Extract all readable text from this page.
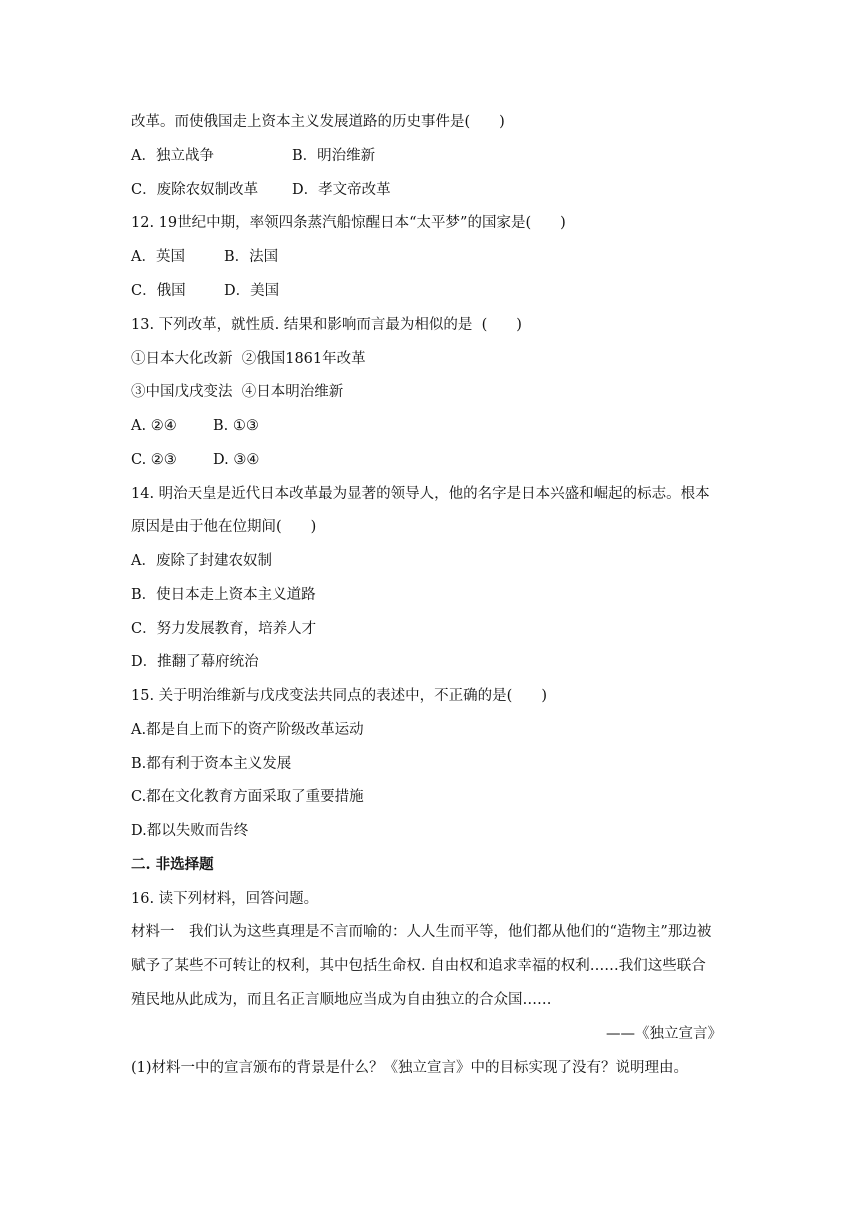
改革。而使俄国走上资本主义发展道路的历史事件是(　　)
A．独立战争	B．明治维新
C．废除农奴制改革 D．孝文帝改革
12. 19世纪中期，率领四条蒸汽船惊醒日本“太平梦”的国家是(　　)
A．英国	B．法国
C．俄国	D．美国
13. 下列改革，就性质. 结果和影响而言最为相似的是  (　　)
①日本大化改新  ②俄国1861年改革
③中国戊戌变法  ④日本明治维新
A. ②④	B. ①③
C. ②③ D. ③④
14. 明治天皇是近代日本改革最为显著的领导人，他的名字是日本兴盛和崛起的标志。根本
原因是由于他在位期间(　　)
A．废除了封建农奴制
B．使日本走上资本主义道路
C．努力发展教育，培养人才
D．推翻了幕府统治
15. 关于明治维新与戊戌变法共同点的表述中，不正确的是(　　)
A.都是自上而下的资产阶级改革运动
B.都有利于资本主义发展
C.都在文化教育方面采取了重要措施
D.都以失败而告终
二. 非选择题
16. 读下列材料，回答问题。
材料一　我们认为这些真理是不言而喻的：人人生而平等，他们都从他们的“造物主”那边被
赋予了某些不可转让的权利，其中包括生命权. 自由权和追求幸福的权利……我们这些联合
殖民地从此成为，而且名正言顺地应当成为自由独立的合众国……
——《独立宣言》
(1)材料一中的宣言颁布的背景是什么？《独立宣言》中的目标实现了没有？说明理由。
